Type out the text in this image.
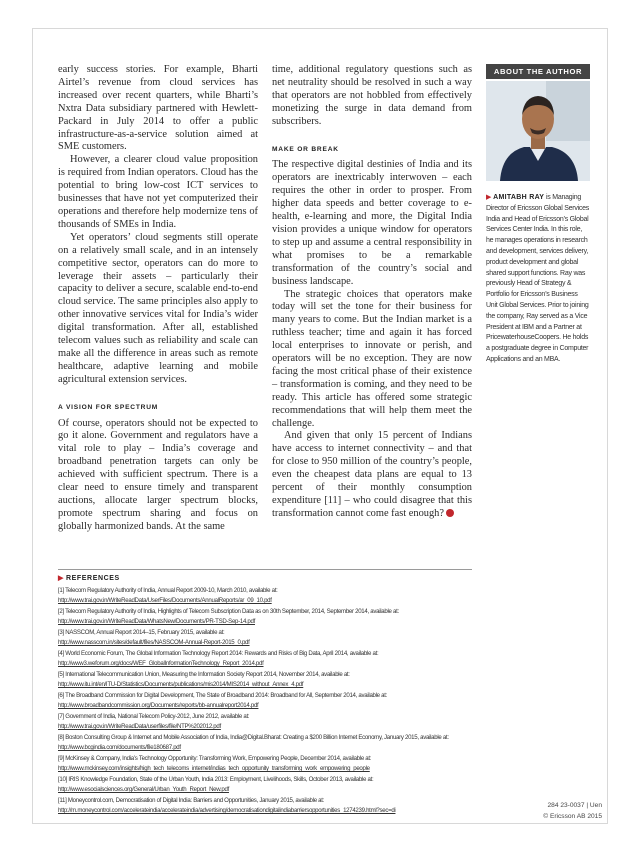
early success stories. For example, Bharti Airtel’s revenue from cloud services has increased over recent quarters, while Bharti’s Nxtra Data subsidiary partnered with Hewlett-Packard in July 2014 to offer a public infrastructure-as-a-service solution aimed at SME customers.

However, a clearer cloud value proposition is required from Indian operators. Cloud has the potential to bring low-cost ICT services to businesses that have not yet computerized their operations and therefore help modernize tens of thousands of SMEs in India.

Yet operators’ cloud segments still operate on a relatively small scale, and in an intensely competitive sector, operators can do more to leverage their assets – particularly their capacity to deliver a secure, scalable end-to-end cloud service. The same principles also apply to other innovative services vital for India’s wider digital transformation. After all, established telecom values such as reliability and scale can make all the difference in areas such as remote healthcare, adaptive learning and mobile agricultural extension services.

A VISION FOR SPECTRUM

Of course, operators should not be expected to go it alone. Government and regulators have a vital role to play – India’s coverage and broadband penetration targets can only be achieved with sufficient spectrum. There is a clear need to ensure timely and transparent auctions, allocate larger spectrum blocks, promote spectrum sharing and focus on globally harmonized bands. At the same

time, additional regulatory questions such as net neutrality should be resolved in such a way that operators are not hobbled from effectively monetizing the surge in data demand from subscribers.

MAKE OR BREAK

The respective digital destinies of India and its operators are inextricably interwoven – each requires the other in order to prosper. From higher data speeds and better coverage to e-health, e-learning and more, the Digital India vision provides a unique window for operators to step up and assume a central responsibility in what promises to be a remarkable transformation of the country’s social and business landscape.

The strategic choices that operators make today will set the tone for their business for many years to come. But the Indian market is a ruthless teacher; time and again it has forced local enterprises to innovate or perish, and operators will be no exception. They are now facing the most critical phase of their existence – transformation is coming, and they need to be ready. This article has offered some strategic recommendations that will help them meet the challenge.

And given that only 15 percent of Indians have access to internet connectivity – and that for close to 950 million of the country’s people, even the cheapest data plans are equal to 13 percent of their monthly consumption expenditure [11] – who could disagree that this transformation cannot come fast enough?

ABOUT THE AUTHOR
▶ AMITABH RAY is Managing Director of Ericsson Global Services India and Head of Ericsson’s Global Services Center India. In this role, he manages operations in research and development, services delivery, product development and global shared support functions. Ray was previously Head of Strategy & Portfolio for Ericsson’s Business Unit Global Services. Prior to joining the company, Ray served as a Vice President at IBM and a Partner at PricewaterhouseCoopers. He holds a postgraduate degree in Computer Applications and an MBA.
▶ REFERENCES
[1] Telecom Regulatory Authority of India, Annual Report 2009-10, March 2010, available at:
http://www.trai.gov.in/WriteReadData/UserFiles/Documents/AnnualReports/ar_09_10.pdf
[2] Telecom Regulatory Authority of India, Highlights of Telecom Subscription Data as on 30th September, 2014, September 2014, available at:
http://www.trai.gov.in/WriteReadData/WhatsNew/Documents/PR-TSD-Sep-14.pdf
[3] NASSCOM, Annual Report 2014–15, February 2015, available at:
http://www.nasscom.in/sites/default/files/NASSCOM-Annual-Report-2015_0.pdf
[4] World Economic Forum, The Global Information Technology Report 2014: Rewards and Risks of Big Data, April 2014, available at:
http://www3.weforum.org/docs/WEF_GlobalInformationTechnology_Report_2014.pdf
[5] International Telecommunication Union, Measuring the Information Society Report 2014, November 2014, available at:
http://www.itu.int/en/ITU-D/Statistics/Documents/publications/mis2014/MIS2014_without_Annex_4.pdf
[6] The Broadband Commission for Digital Development, The State of Broadband 2014: Broadband for All, September 2014, available at:
http://www.broadbandcommission.org/Documents/reports/bb-annualreport2014.pdf
[7] Government of India, National Telecom Policy-2012, June 2012, available at:
http://www.trai.gov.in/WriteReadData/userfiles/file/NTP%202012.pdf
[8] Boston Consulting Group & Internet and Mobile Association of India, India@Digital.Bharat: Creating a $200 Billion Internet Economy, January 2015, available at:
http://www.bcgindia.com/documents/file180687.pdf
[9] McKinsey & Company, India’s Technology Opportunity: Transforming Work, Empowering People, December 2014, available at:
http://www.mckinsey.com/insights/high_tech_telecoms_internet/indias_tech_opportunity_transforming_work_empowering_people
[10] IRIS Knowledge Foundation, State of the Urban Youth, India 2013: Employment, Livelihoods, Skills, October 2013, available at:
http://www.esocialsciences.org/General/Urban_Youth_Report_New.pdf
[11] Moneycontrol.com, Democratisation of Digital India: Barriers and Opportunities, January 2015, available at:
http://m.moneycontrol.com/accelerateindia/accelerateindia/advertising/democratisationdigitalindiabarriersopportunities_1274239.html?sec=di
284 23-0037 | Uen
© Ericsson AB 2015
